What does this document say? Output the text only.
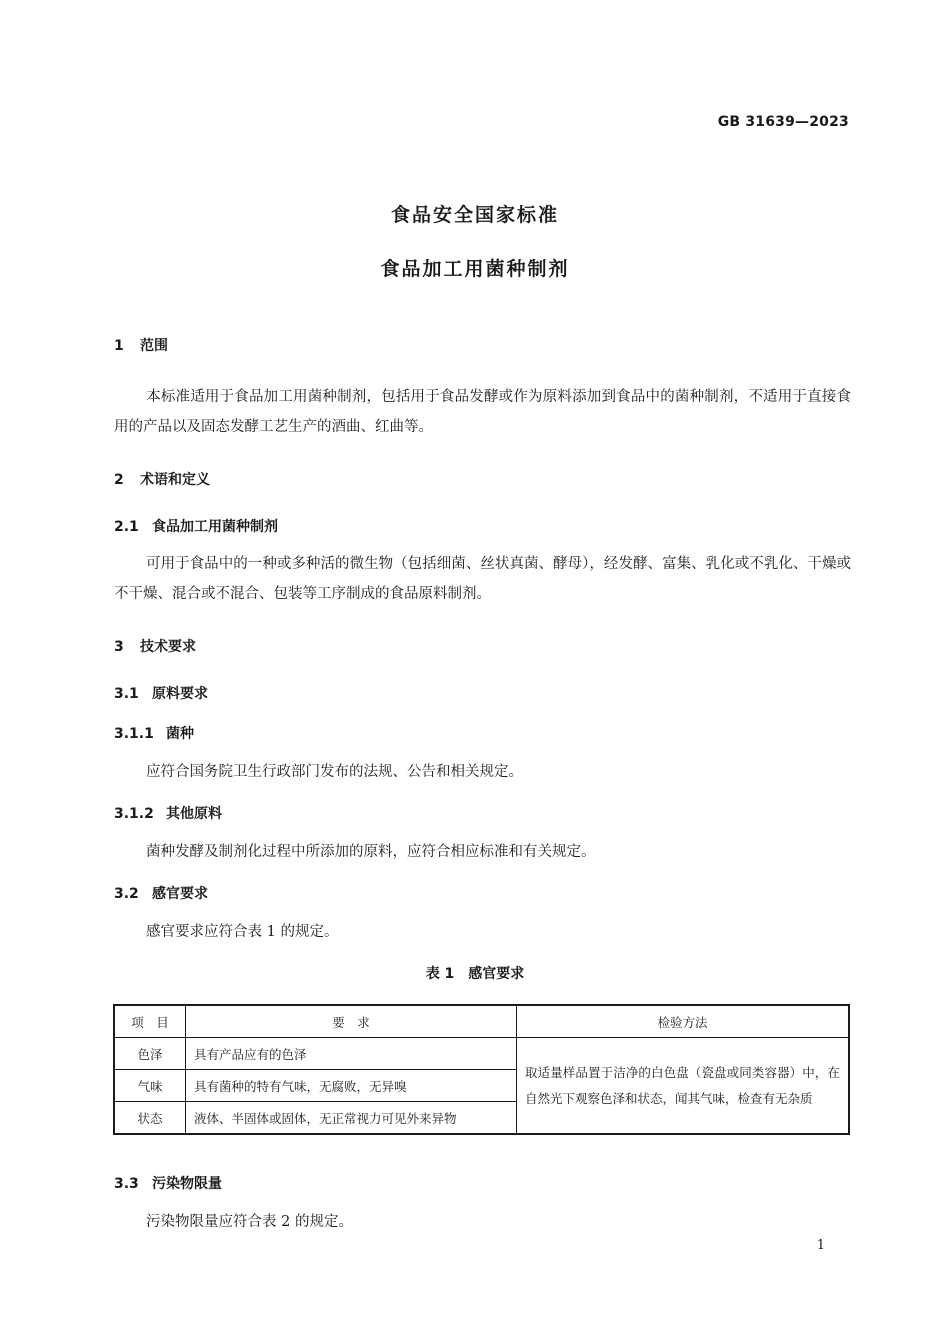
GB 31639—2023
食品安全国家标准
食品加工用菌种制剂
1 范围
本标准适用于食品加工用菌种制剂，包括用于食品发酵或作为原料添加到食品中的菌种制剂，不适用于直接食用的产品以及固态发酵工艺生产的酒曲、红曲等。
2 术语和定义
2.1 食品加工用菌种制剂
可用于食品中的一种或多种活的微生物（包括细菌、丝状真菌、酵母），经发酵、富集、乳化或不乳化、干燥或不干燥、混合或不混合、包装等工序制成的食品原料制剂。
3 技术要求
3.1 原料要求
3.1.1 菌种
应符合国务院卫生行政部门发布的法规、公告和相关规定。
3.1.2 其他原料
菌种发酵及制剂化过程中所添加的原料，应符合相应标准和有关规定。
3.2 感官要求
感官要求应符合表 1 的规定。
表 1　感官要求
项　目	要　求	检验方法
色泽	具有产品应有的色泽	取适量样品置于洁净的白色盘（瓷盘或同类容器）中，在自然光下观察色泽和状态，闻其气味，检查有无杂质
气味	具有菌种的特有气味，无腐败，无异嗅	
状态	液体、半固体或固体，无正常视力可见外来异物	
3.3 污染物限量
污染物限量应符合表 2 的规定。
1
